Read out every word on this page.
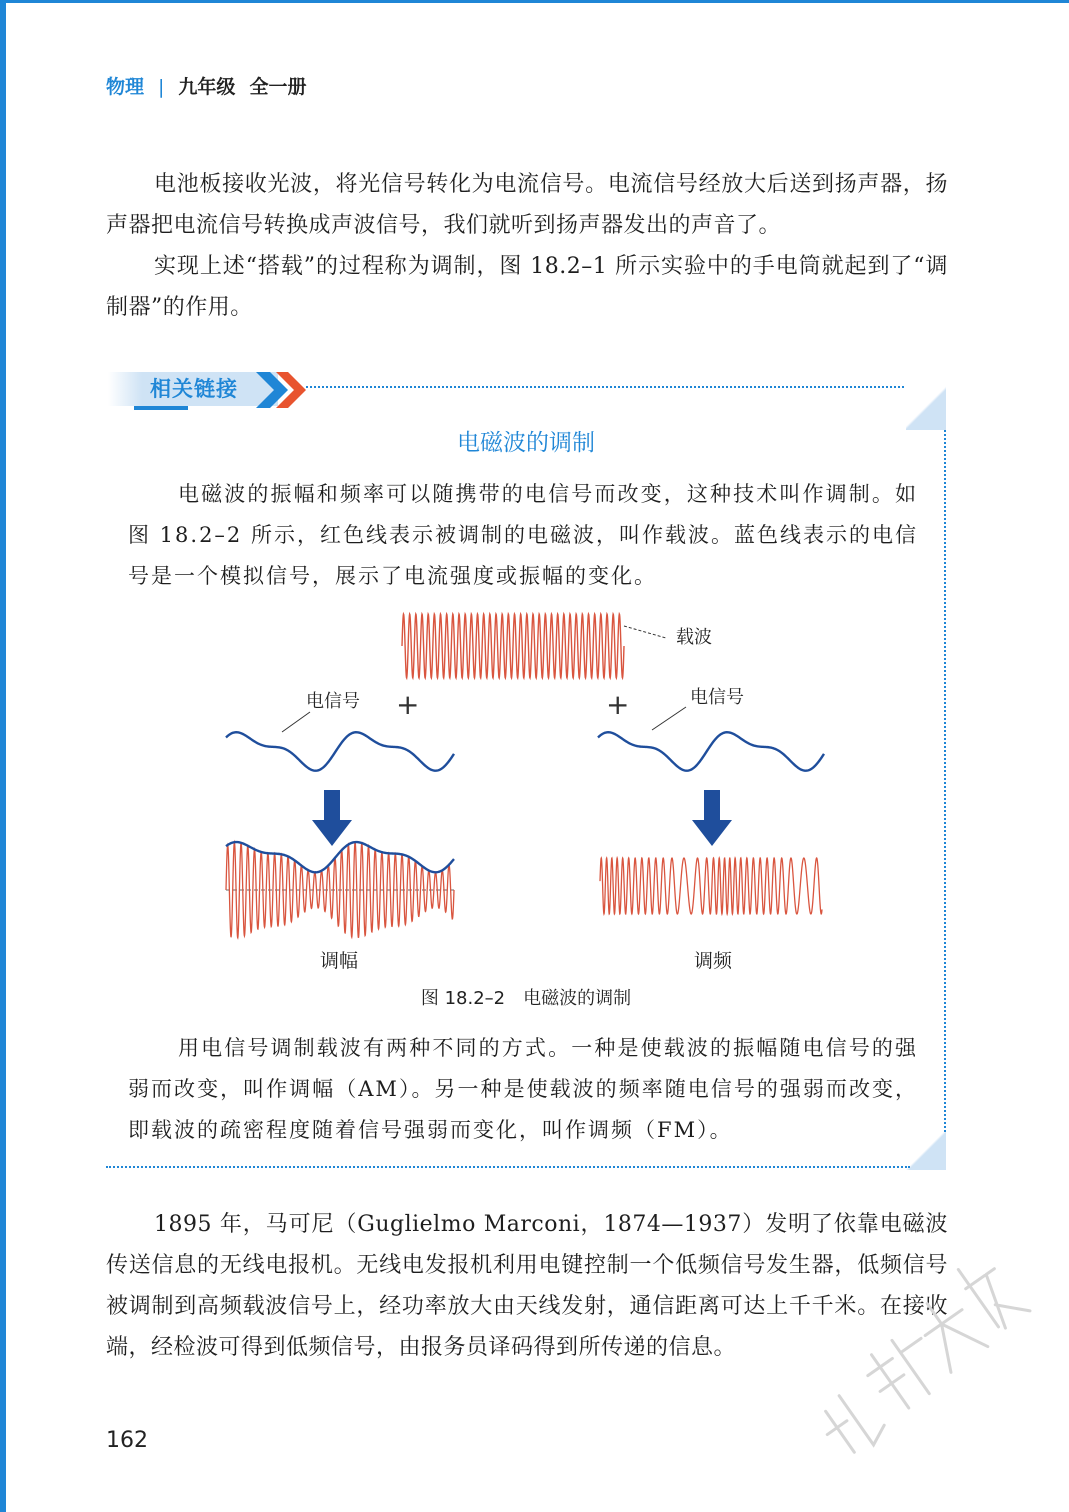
物理 | 九年级 全一册

电池板接收光波，将光信号转化为电流信号。电流信号经放大后送到扬声器，扬声器把电流信号转换成声波信号，我们就听到扬声器发出的声音了。

实现上述“搭载”的过程称为调制，图 18.2–1 所示实验中的手电筒就起到了“调制器”的作用。

相关链接
电磁波的调制

电磁波的振幅和频率可以随携带的电信号而改变，这种技术叫作调制。如图 18.2–2 所示，红色线表示被调制的电磁波，叫作载波。蓝色线表示的电信号是一个模拟信号，展示了电流强度或振幅的变化。

载波
电信号 +	+	电信号
调幅	调频
图 18.2–2 电磁波的调制

用电信号调制载波有两种不同的方式。一种是使载波的振幅随电信号的强弱而改变，叫作调幅（AM）。另一种是使载波的频率随电信号的强弱而改变，即载波的疏密程度随着信号强弱而变化，叫作调频（FM）。

1895 年，马可尼（Guglielmo Marconi，1874—1937）发明了依靠电磁波传送信息的无线电报机。无线电发报机利用电键控制一个低频信号发生器，低频信号被调制到高频载波信号上，经功率放大由天线发射，通信距离可达上千千米。在接收端，经检波可得到低频信号，由报务员译码得到所传递的信息。

162
